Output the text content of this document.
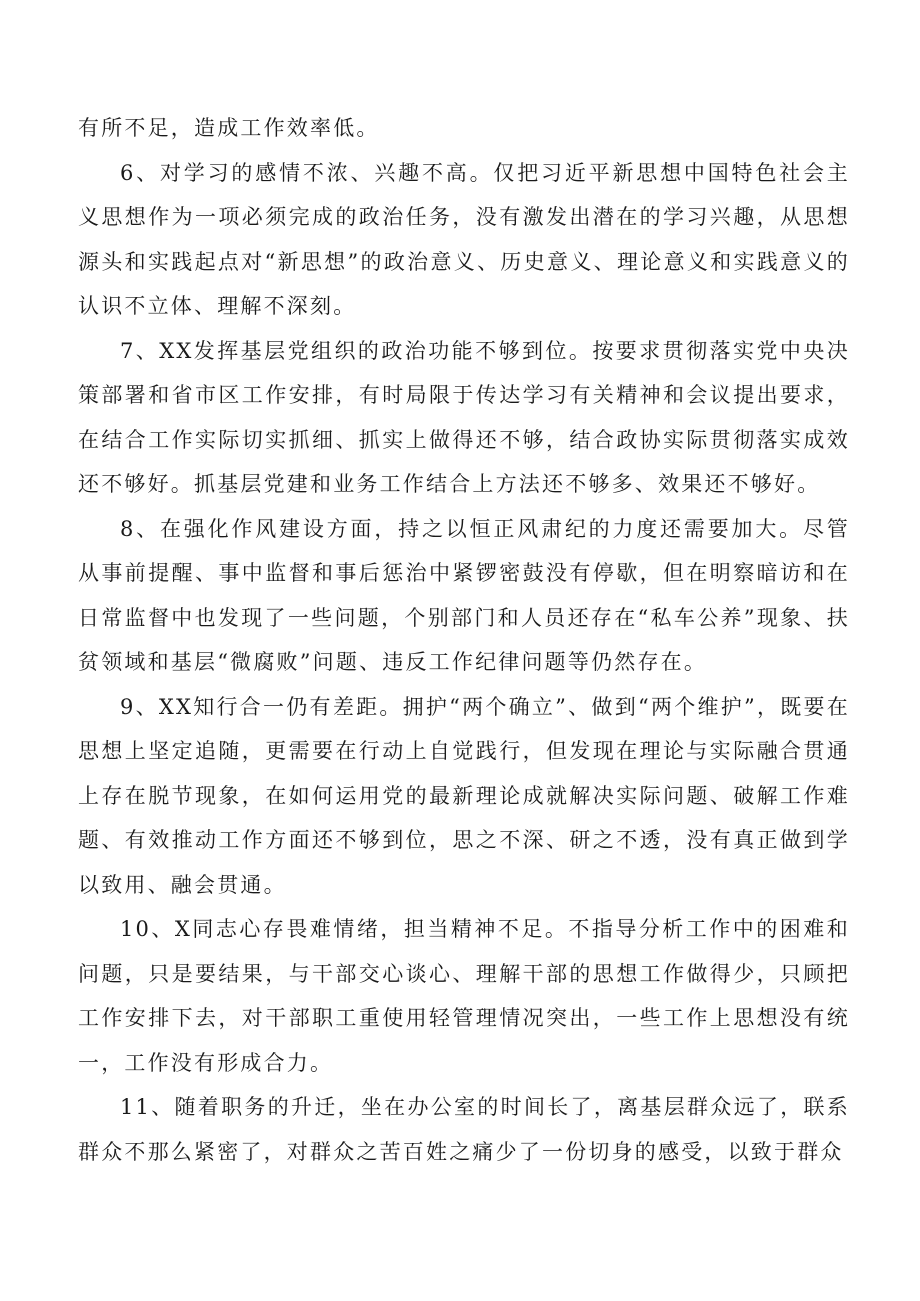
有所不足，造成工作效率低。

6、对学习的感情不浓、兴趣不高。仅把习近平新思想中国特色社会主义思想作为一项必须完成的政治任务，没有激发出潜在的学习兴趣，从思想源头和实践起点对“新思想”的政治意义、历史意义、理论意义和实践意义的认识不立体、理解不深刻。

7、XX发挥基层党组织的政治功能不够到位。按要求贯彻落实党中央决策部署和省市区工作安排，有时局限于传达学习有关精神和会议提出要求，在结合工作实际切实抓细、抓实上做得还不够，结合政协实际贯彻落实成效还不够好。抓基层党建和业务工作结合上方法还不够多、效果还不够好。

8、在强化作风建设方面，持之以恒正风肃纪的力度还需要加大。尽管从事前提醒、事中监督和事后惩治中紧锣密鼓没有停歇，但在明察暗访和在日常监督中也发现了一些问题，个别部门和人员还存在“私车公养”现象、扶贫领域和基层“微腐败”问题、违反工作纪律问题等仍然存在。

9、XX知行合一仍有差距。拥护“两个确立”、做到“两个维护”，既要在思想上坚定追随，更需要在行动上自觉践行，但发现在理论与实际融合贯通上存在脱节现象，在如何运用党的最新理论成就解决实际问题、破解工作难题、有效推动工作方面还不够到位，思之不深、研之不透，没有真正做到学以致用、融会贯通。

10、X同志心存畏难情绪，担当精神不足。不指导分析工作中的困难和问题，只是要结果，与干部交心谈心、理解干部的思想工作做得少，只顾把工作安排下去，对干部职工重使用轻管理情况突出，一些工作上思想没有统一，工作没有形成合力。

11、随着职务的升迁，坐在办公室的时间长了，离基层群众远了，联系群众不那么紧密了，对群众之苦百姓之痛少了一份切身的感受，以致于群众
